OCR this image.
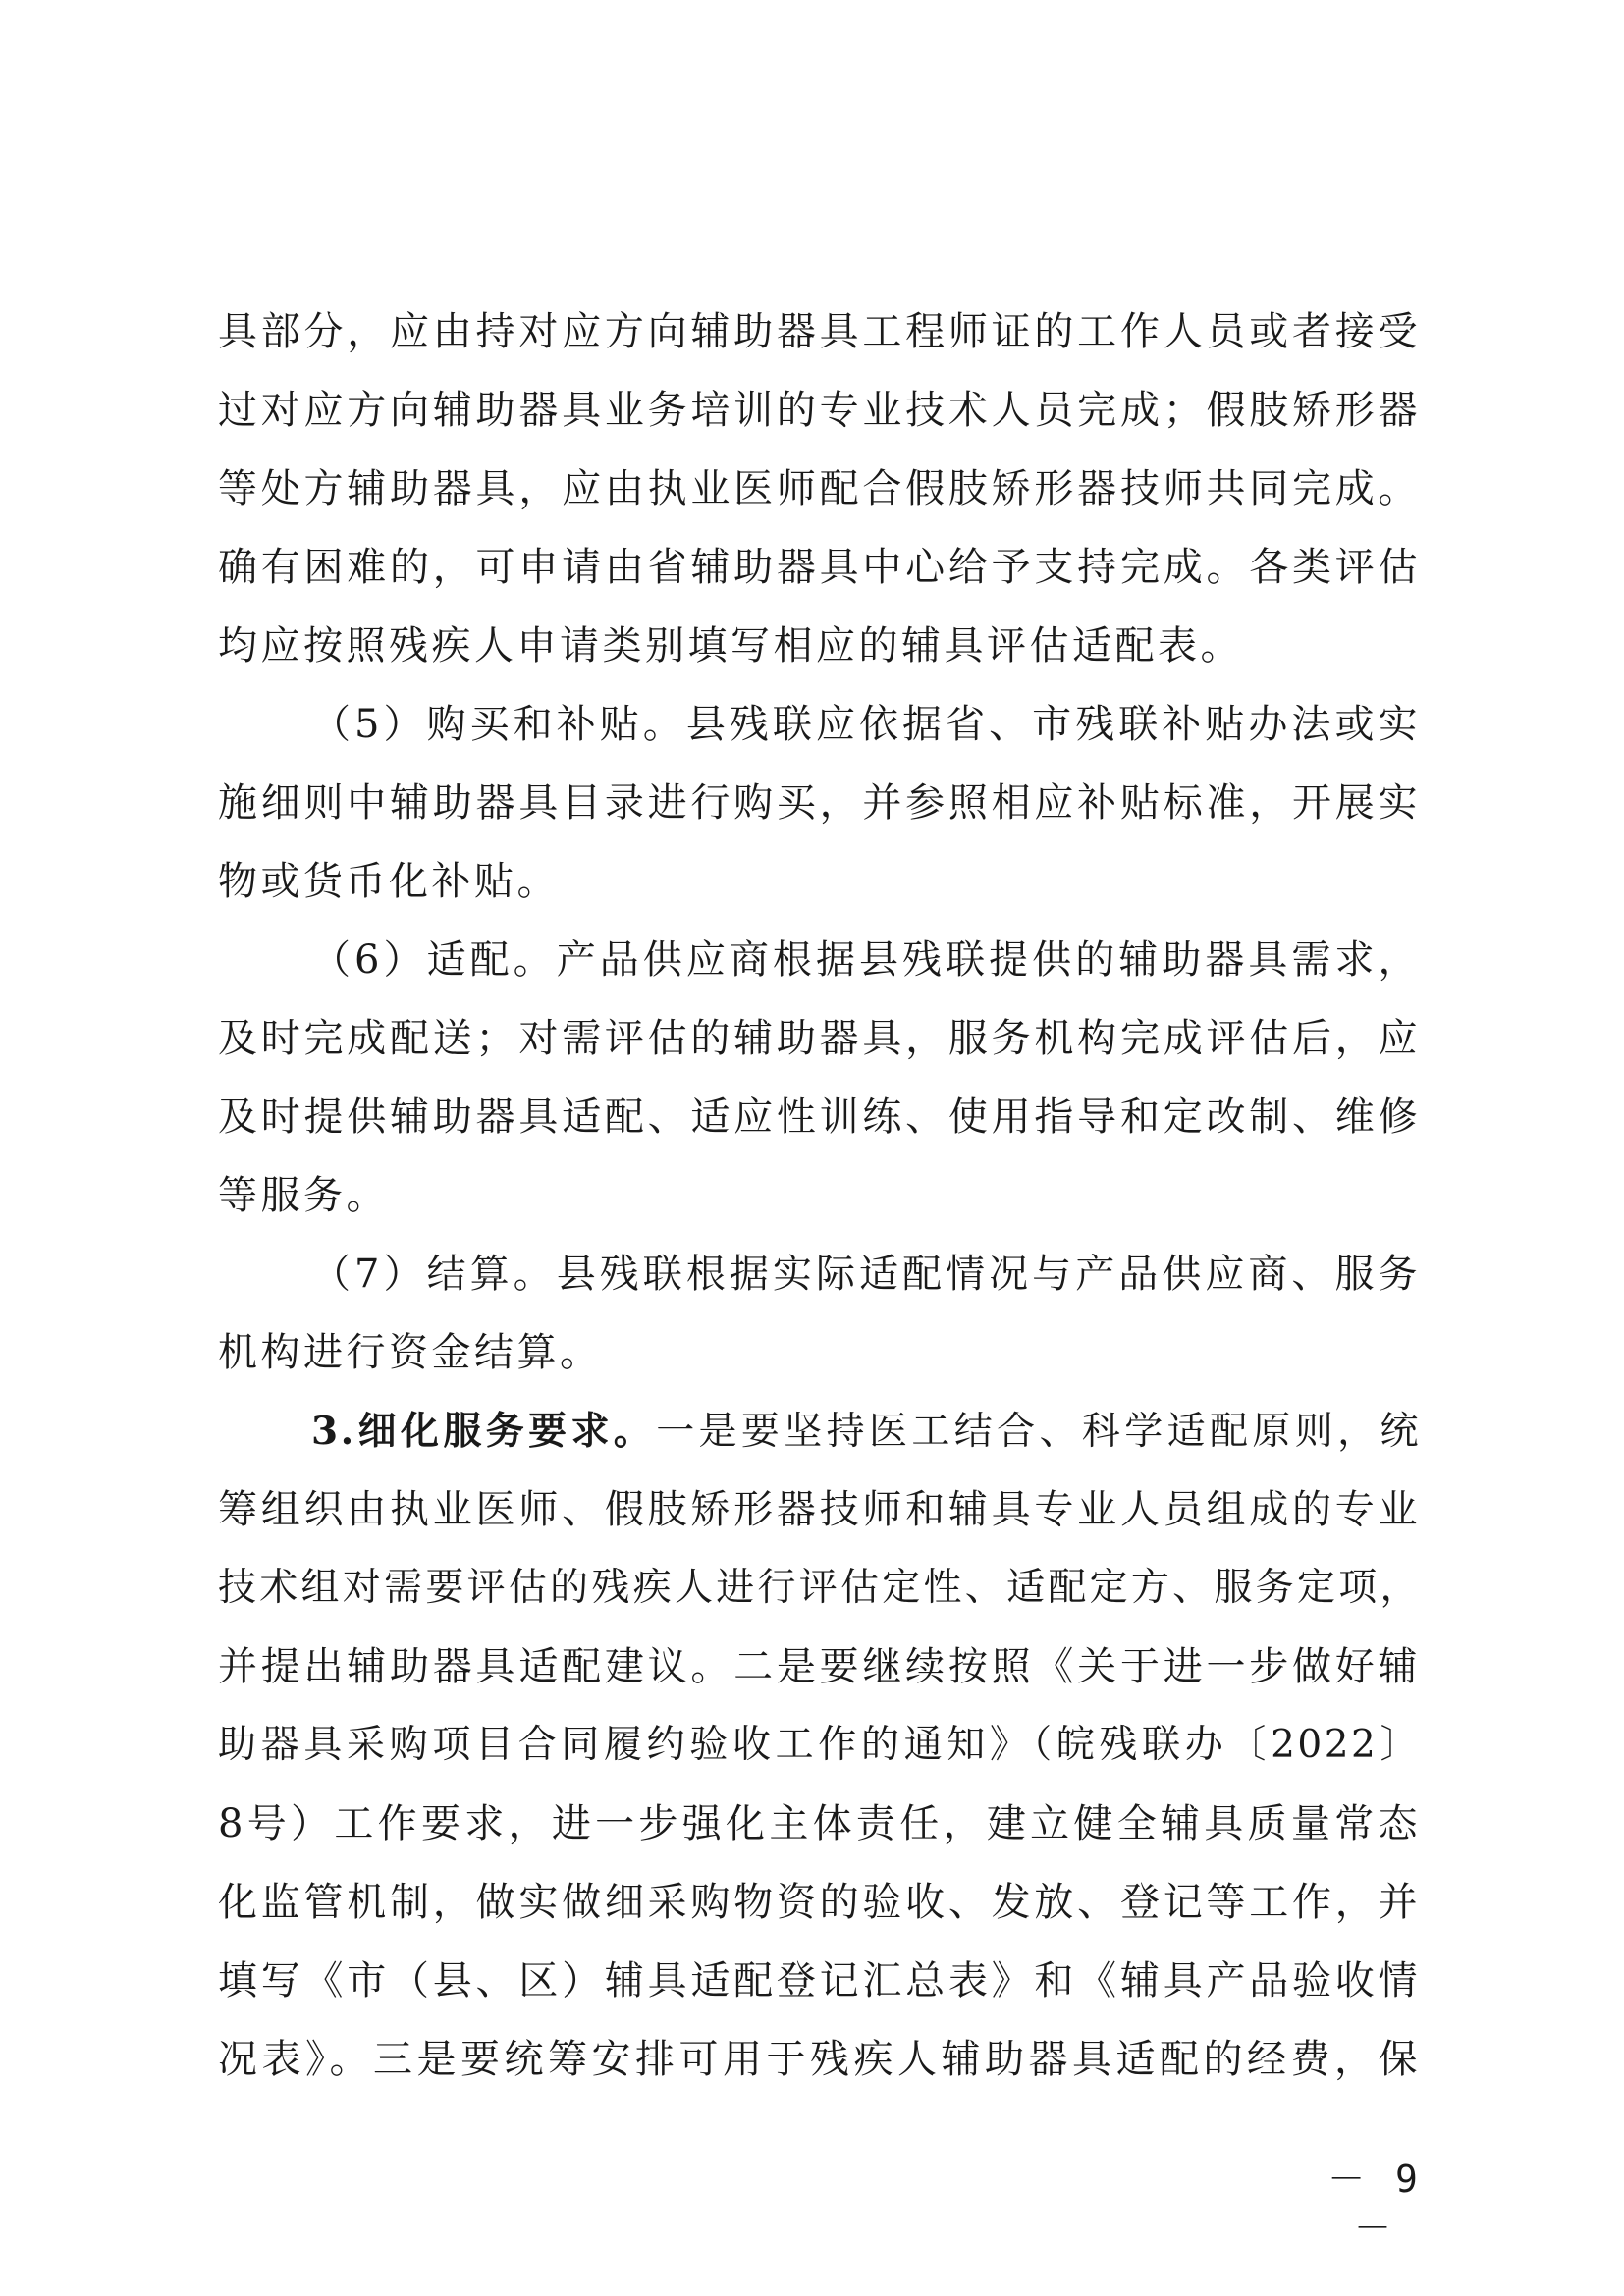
具部分，应由持对应方向辅助器具工程师证的工作人员或者接受
过对应方向辅助器具业务培训的专业技术人员完成；假肢矫形器
等处方辅助器具，应由执业医师配合假肢矫形器技师共同完成。
确有困难的，可申请由省辅助器具中心给予支持完成。各类评估
均应按照残疾人申请类别填写相应的辅具评估适配表。
（5）购买和补贴。县残联应依据省、市残联补贴办法或实
施细则中辅助器具目录进行购买，并参照相应补贴标准，开展实
物或货币化补贴。
（6）适配。产品供应商根据县残联提供的辅助器具需求，
及时完成配送；对需评估的辅助器具，服务机构完成评估后，应
及时提供辅助器具适配、适应性训练、使用指导和定改制、维修
等服务。
（7）结算。县残联根据实际适配情况与产品供应商、服务
机构进行资金结算。
3.细化服务要求。一是要坚持医工结合、科学适配原则，统
筹组织由执业医师、假肢矫形器技师和辅具专业人员组成的专业
技术组对需要评估的残疾人进行评估定性、适配定方、服务定项，
并提出辅助器具适配建议。二是要继续按照《关于进一步做好辅
助器具采购项目合同履约验收工作的通知》（皖残联办〔2022〕
8号）工作要求，进一步强化主体责任，建立健全辅具质量常态
化监管机制，做实做细采购物资的验收、发放、登记等工作，并
填写《市（县、区）辅具适配登记汇总表》和《辅具产品验收情
况表》。三是要统筹安排可用于残疾人辅助器具适配的经费，保
－ 9 －
